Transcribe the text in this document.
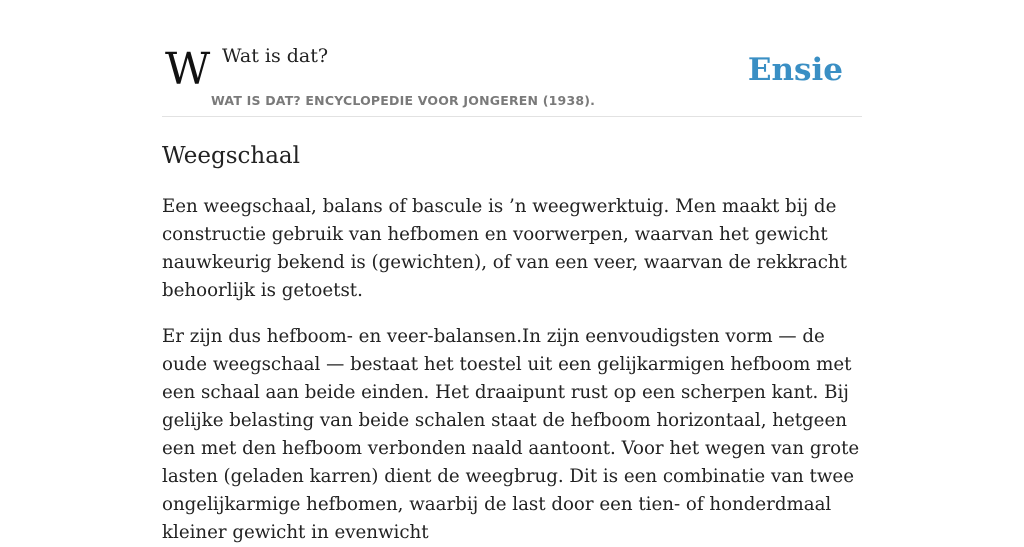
W Wat is dat?
WAT IS DAT? ENCYCLOPEDIE VOOR JONGEREN (1938).
Ensie
Weegschaal

Een weegschaal, balans of bascule is ’n weegwerktuig. Men maakt bij de constructie gebruik van hefbomen en voorwerpen, waarvan het gewicht nauwkeurig bekend is (gewichten), of van een veer, waarvan de rekkracht behoorlijk is getoetst.

Er zijn dus hefboom- en veer-balansen.In zijn eenvoudigsten vorm — de oude weegschaal — bestaat het toestel uit een gelijkarmigen hefboom met een schaal aan beide einden. Het draaipunt rust op een scherpen kant. Bij gelijke belasting van beide schalen staat de hefboom horizontaal, hetgeen een met den hefboom verbonden naald aantoont. Voor het wegen van grote lasten (geladen karren) dient de weegbrug. Dit is een combinatie van twee ongelijkarmige hefbomen, waarbij de last door een tien- of honderdmaal kleiner gewicht in evenwicht
